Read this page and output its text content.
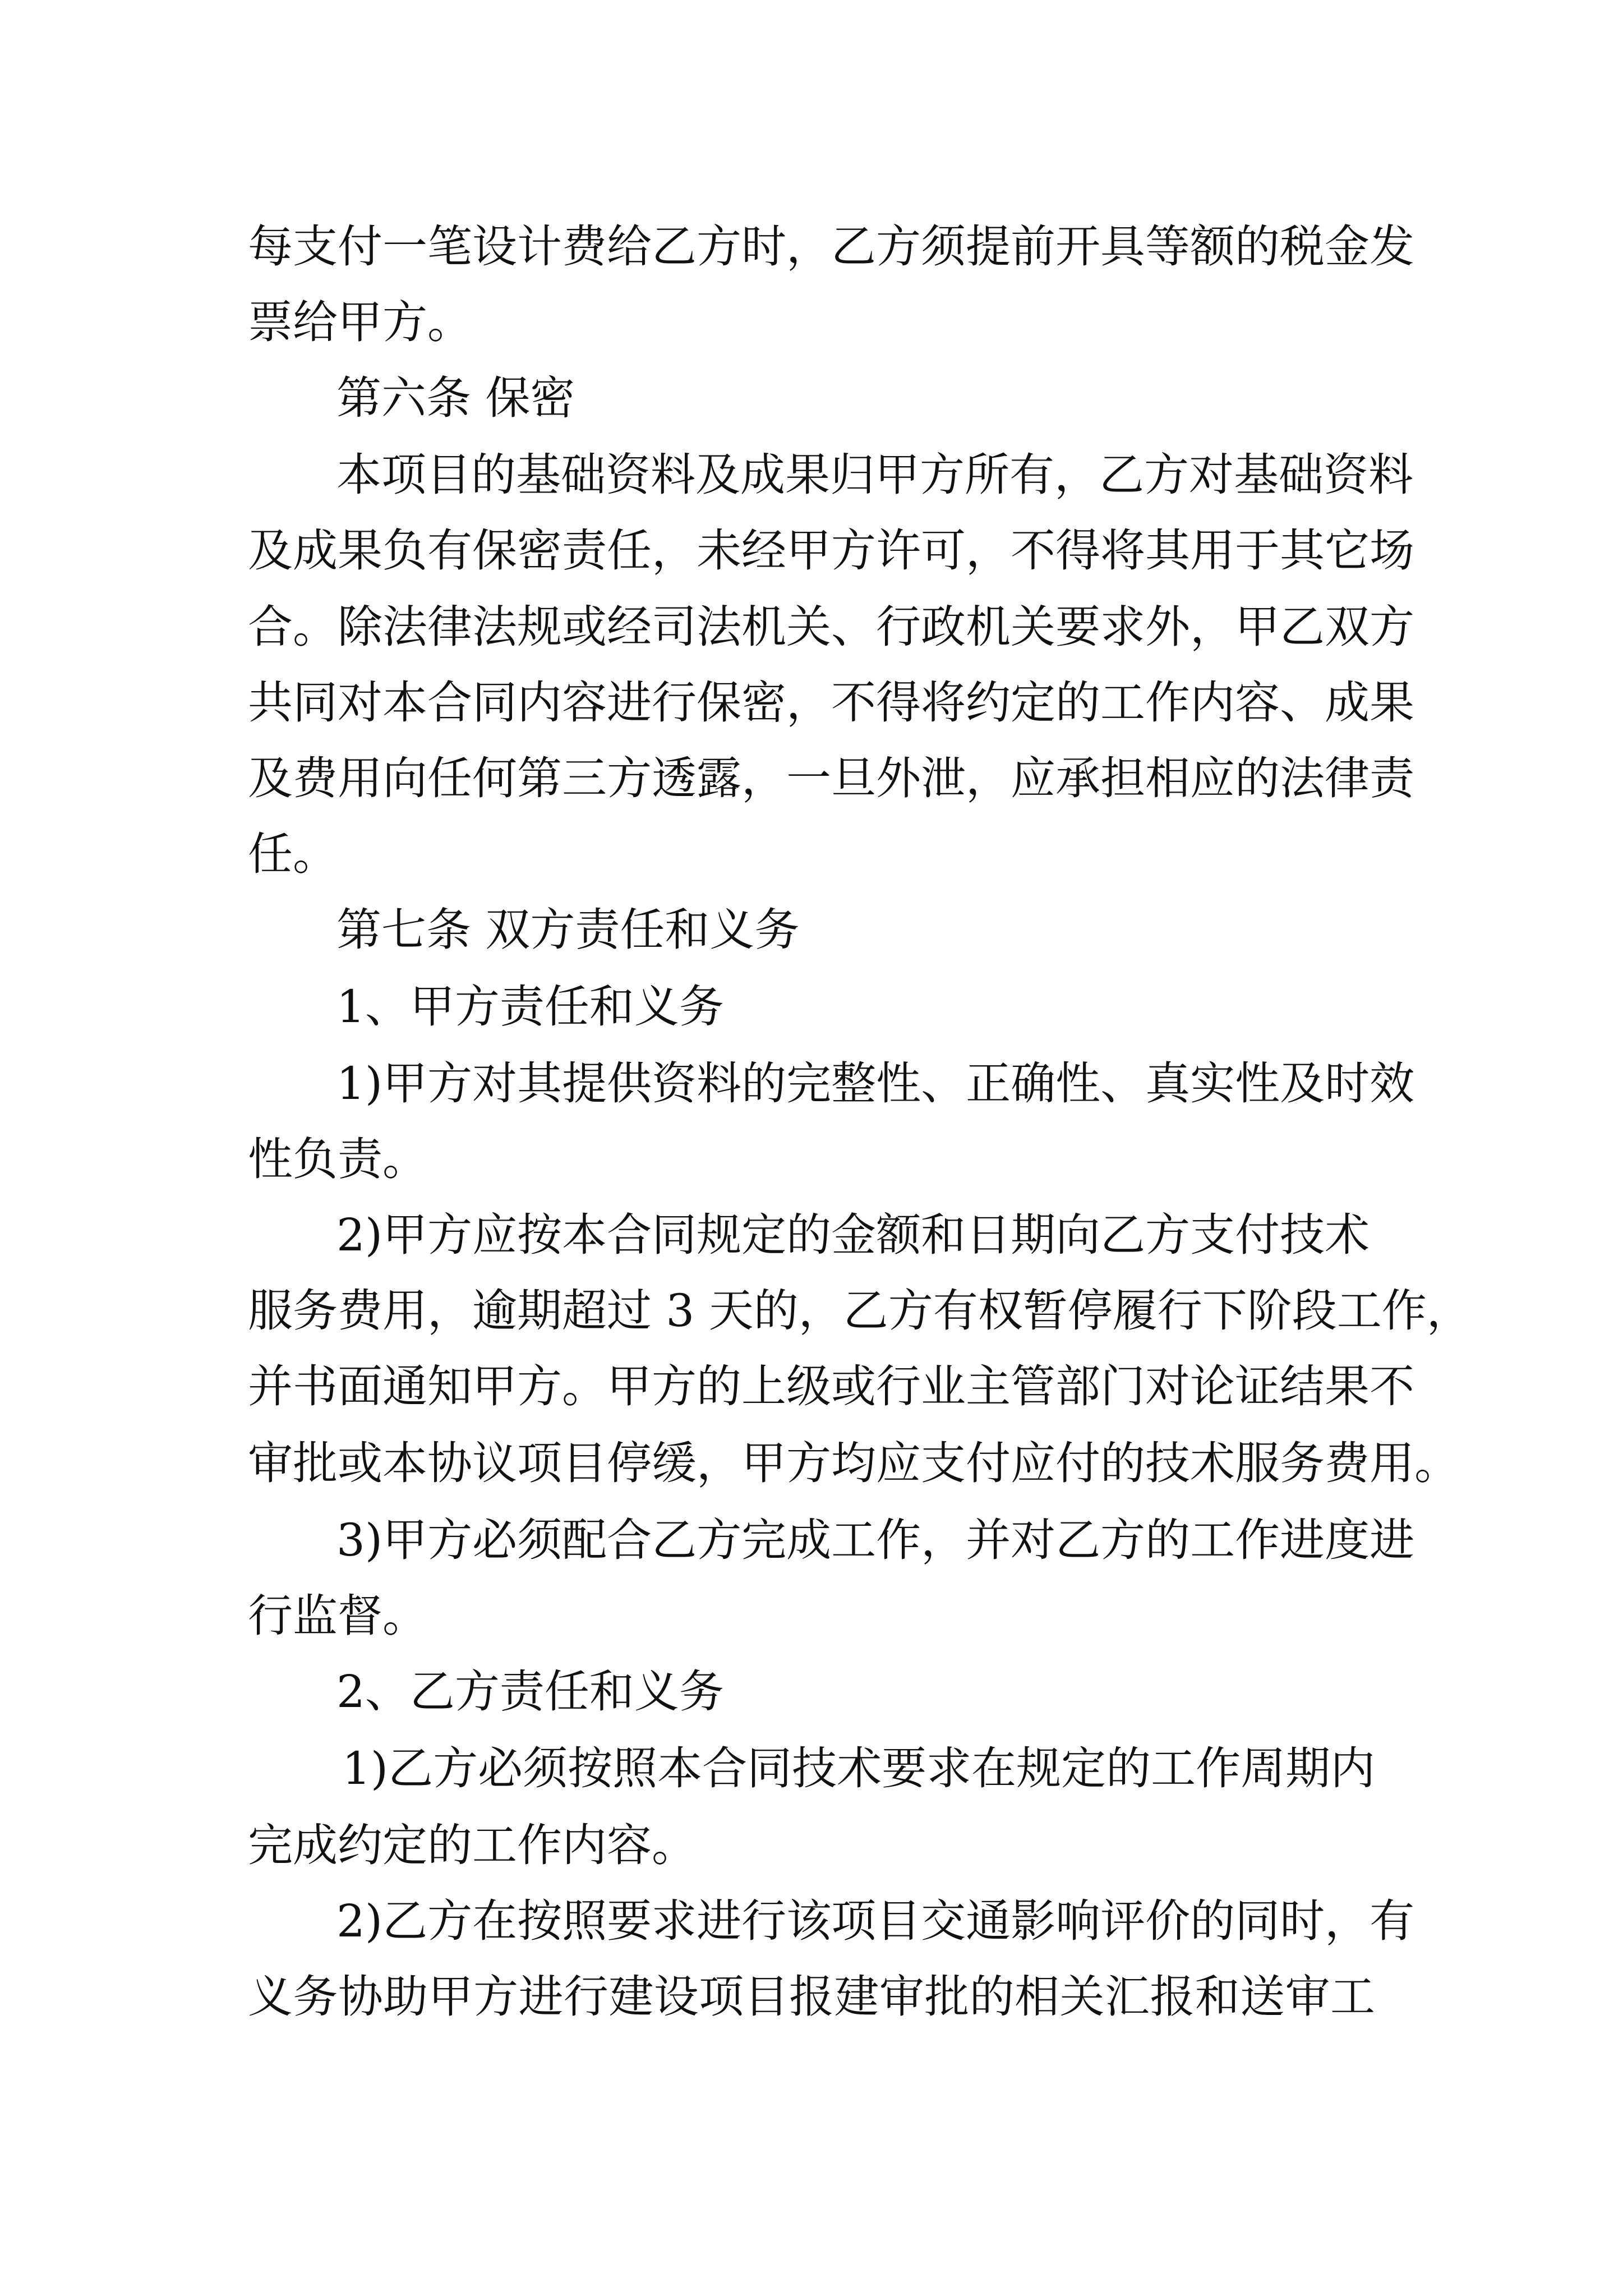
每支付一笔设计费给乙方时，乙方须提前开具等额的税金发
票给甲方。
第六条 保密
本项目的基础资料及成果归甲方所有，乙方对基础资料
及成果负有保密责任，未经甲方许可，不得将其用于其它场
合。除法律法规或经司法机关、行政机关要求外，甲乙双方
共同对本合同内容进行保密，不得将约定的工作内容、成果
及费用向任何第三方透露，一旦外泄，应承担相应的法律责
任。
第七条 双方责任和义务
1、甲方责任和义务
1)甲方对其提供资料的完整性、正确性、真实性及时效
性负责。
2)甲方应按本合同规定的金额和日期向乙方支付技术
服务费用，逾期超过 3 天的，乙方有权暂停履行下阶段工作，
并书面通知甲方。甲方的上级或行业主管部门对论证结果不
审批或本协议项目停缓，甲方均应支付应付的技术服务费用。
3)甲方必须配合乙方完成工作，并对乙方的工作进度进
行监督。
2、乙方责任和义务
1)乙方必须按照本合同技术要求在规定的工作周期内
完成约定的工作内容。
2)乙方在按照要求进行该项目交通影响评价的同时，有
义务协助甲方进行建设项目报建审批的相关汇报和送审工
